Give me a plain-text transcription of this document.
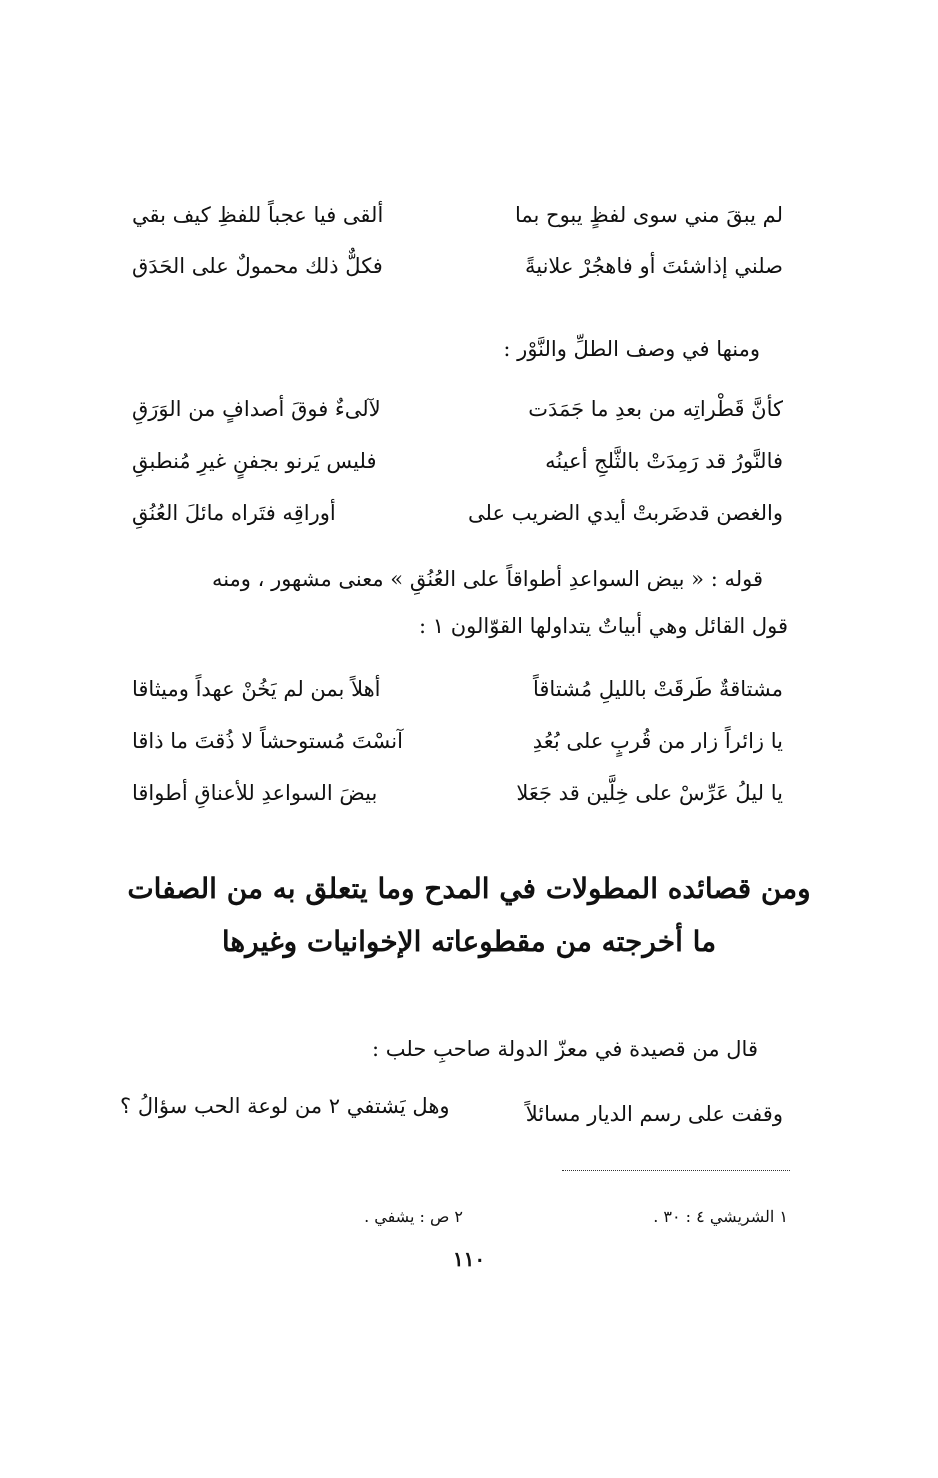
لم يبقَ مني سوى لفظٍ يبوح بما
ألقى فيا عجباً للفظِ كيف بقي
صلني إذاشئتَ أو فاهجُرْ علانيةً
فكلٌّ ذلك محمولٌ على الحَدَق
ومنها في وصف الطلِّ والنَّوْر :
كأنَّ قَطْراتِه من بعدِ ما جَمَدَت
لآلىءٌ فوقَ أصدافٍ من الوَرَقِ
فالنَّورُ قد رَمِدَتْ بالثَّلجِ أعينُه
فليس يَرنو بجفنٍ غيرِ مُنطبقِ
والغصن قدضَربتْ أيدي الضريب على
أوراقِه فتَراه مائلَ العُنُقِ
قوله : « بيض السواعدِ أطواقاً على العُنُقِ » معنى مشهور ، ومنه
قول القائل وهي أبياتٌ يتداولها القوّالون ١ :
مشتاقةٌ طَرقَتْ بالليلِ مُشتاقاً
أهلاً بمن لم يَخُنْ عهداً وميثاقا
يا زائراً زار من قُربٍ على بُعُدِ
آنسْتَ مُستوحشاً لا ذُقتَ ما ذاقا
يا ليلُ عَرِّسْ على خِلَّين قد جَعَلا
بيضَ السواعدِ للأعناقِ أطواقا
ومن قصائده المطولات في المدح وما يتعلق به من الصفات
ما أخرجته من مقطوعاته الإخوانيات وغيرها
قال من قصيدة في معزّ الدولة صاحبِ حلب :
وقفت على رسم الديار مسائلاً
وهل يَشتفي ٢ من لوعة الحب سؤالُ ؟
١ الشريشي ٤ : ٣٠ .
٢ ص : يشفي .
١١٠
